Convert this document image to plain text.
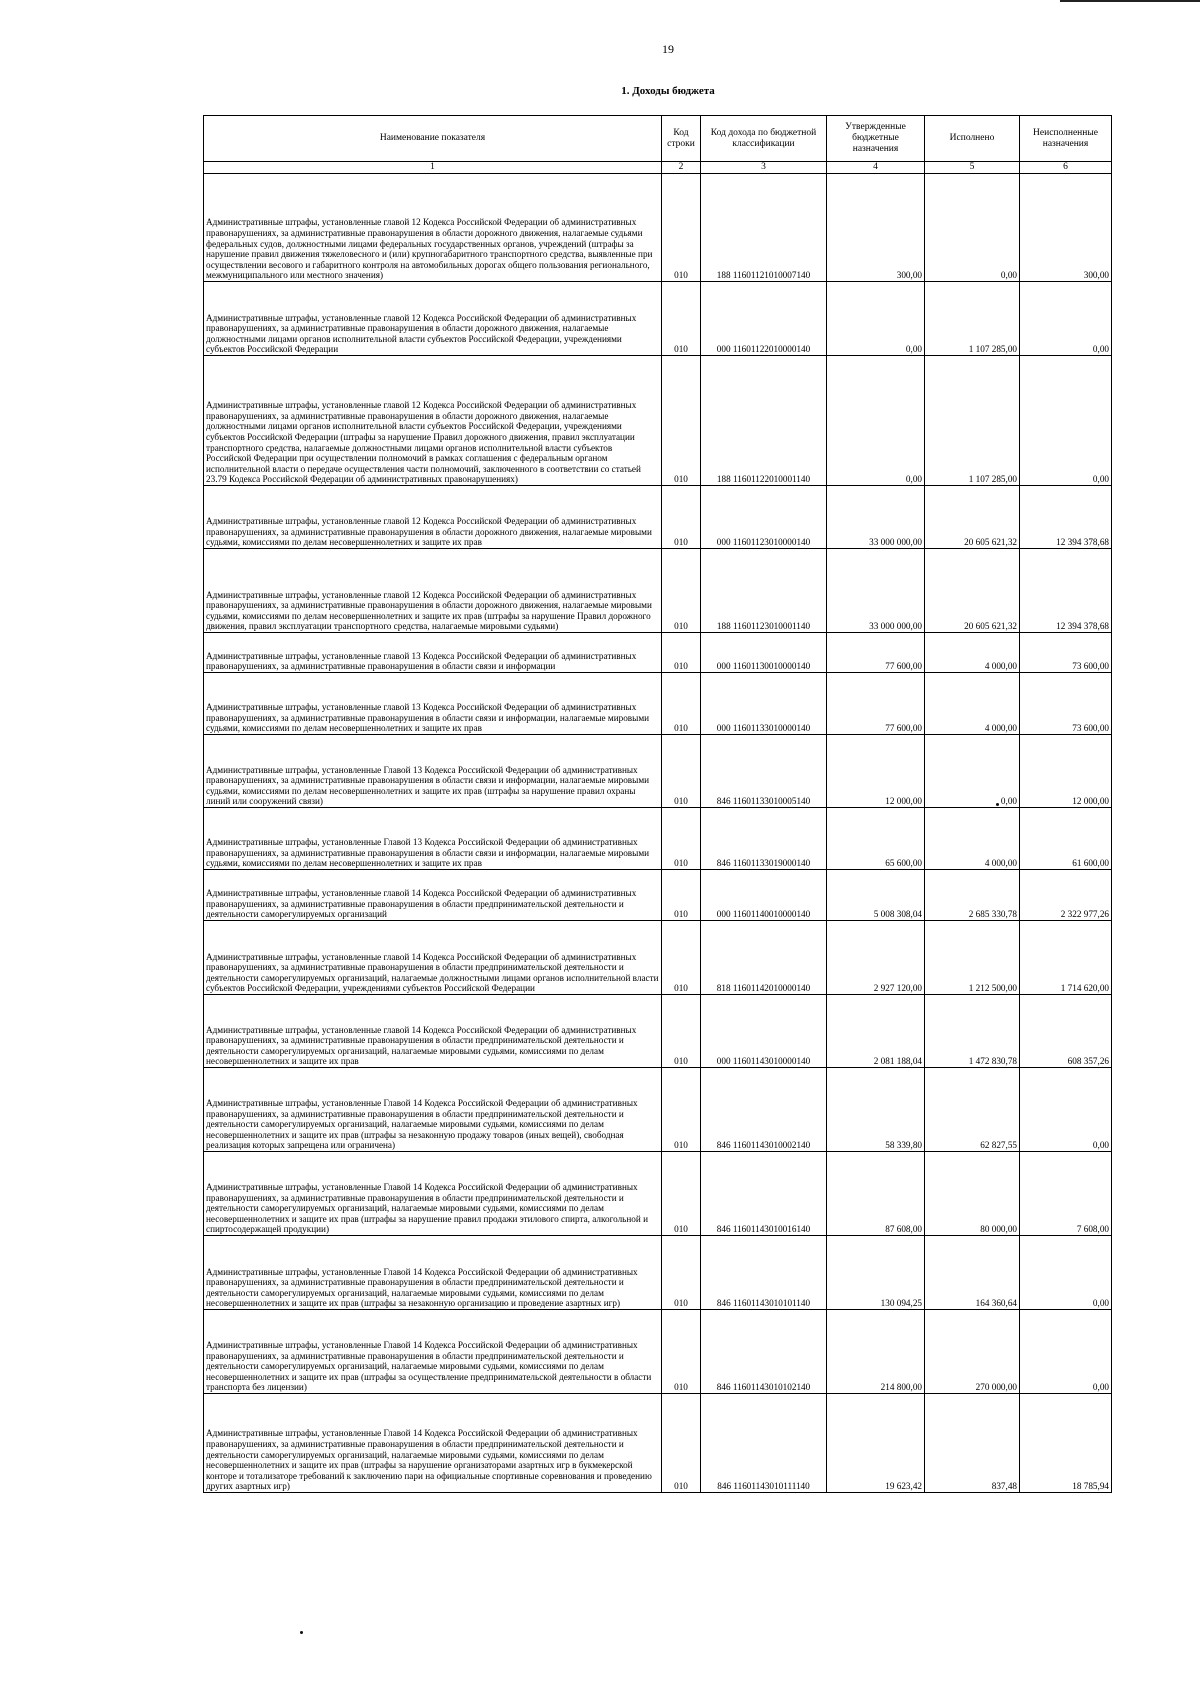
19
1. Доходы бюджета
Наименование показателя	Код строки	Код дохода по бюджетной классификации	Утвержденные бюджетные назначения	Исполнено	Неисполненные назначения
1	2	3	4	5	6
Административные штрафы, установленные главой 12 Кодекса Российской Федерации об административных правонарушениях, за административные правонарушения в области дорожного движения, налагаемые судьями федеральных судов, должностными лицами федеральных государственных органов, учреждений (штрафы за нарушение правил движения тяжеловесного и (или) крупногабаритного транспортного средства, выявленные при осуществлении весового и габаритного контроля на автомобильных дорогах общего пользования регионального, межмуниципального или местного значения)	010	188 11601121010007140	300,00	0,00	300,00
Административные штрафы, установленные главой 12 Кодекса Российской Федерации об административных правонарушениях, за административные правонарушения в области дорожного движения, налагаемые должностными лицами органов исполнительной власти субъектов Российской Федерации, учреждениями субъектов Российской Федерации	010	000 11601122010000140	0,00	1 107 285,00	0,00
Административные штрафы, установленные главой 12 Кодекса Российской Федерации об административных правонарушениях, за административные правонарушения в области дорожного движения, налагаемые должностными лицами органов исполнительной власти субъектов Российской Федерации, учреждениями субъектов Российской Федерации (штрафы за нарушение Правил дорожного движения, правил эксплуатации транспортного средства, налагаемые должностными лицами органов исполнительной власти субъектов Российской Федерации при осуществлении полномочий в рамках соглашения с федеральным органом исполнительной власти о передаче осуществления части полномочий, заключенного в соответствии со статьей 23.79 Кодекса Российской Федерации об административных правонарушениях)	010	188 11601122010001140	0,00	1 107 285,00	0,00
Административные штрафы, установленные главой 12 Кодекса Российской Федерации об административных правонарушениях, за административные правонарушения в области дорожного движения, налагаемые мировыми судьями, комиссиями по делам несовершеннолетних и защите их прав	010	000 11601123010000140	33 000 000,00	20 605 621,32	12 394 378,68
Административные штрафы, установленные главой 12 Кодекса Российской Федерации об административных правонарушениях, за административные правонарушения в области дорожного движения, налагаемые мировыми судьями, комиссиями по делам несовершеннолетних и защите их прав (штрафы за нарушение Правил дорожного движения, правил эксплуатации транспортного средства, налагаемые мировыми судьями)	010	188 11601123010001140	33 000 000,00	20 605 621,32	12 394 378,68
Административные штрафы, установленные главой 13 Кодекса Российской Федерации об административных правонарушениях, за административные правонарушения в области связи и информации	010	000 11601130010000140	77 600,00	4 000,00	73 600,00
Административные штрафы, установленные главой 13 Кодекса Российской Федерации об административных правонарушениях, за административные правонарушения в области связи и информации, налагаемые мировыми судьями, комиссиями по делам несовершеннолетних и защите их прав	010	000 11601133010000140	77 600,00	4 000,00	73 600,00
Административные штрафы, установленные Главой 13 Кодекса Российской Федерации об административных правонарушениях, за административные правонарушения в области связи и информации, налагаемые мировыми судьями, комиссиями по делам несовершеннолетних и защите их прав (штрафы за нарушение правил охраны линий или сооружений связи)	010	846 11601133010005140	12 000,00	0,00	12 000,00
Административные штрафы, установленные Главой 13 Кодекса Российской Федерации об административных правонарушениях, за административные правонарушения в области связи и информации, налагаемые мировыми судьями, комиссиями по делам несовершеннолетних и защите их прав	010	846 11601133019000140	65 600,00	4 000,00	61 600,00
Административные штрафы, установленные главой 14 Кодекса Российской Федерации об административных правонарушениях, за административные правонарушения в области предпринимательской деятельности и деятельности саморегулируемых организаций	010	000 11601140010000140	5 008 308,04	2 685 330,78	2 322 977,26
Административные штрафы, установленные главой 14 Кодекса Российской Федерации об административных правонарушениях, за административные правонарушения в области предпринимательской деятельности и деятельности саморегулируемых организаций, налагаемые должностными лицами органов исполнительной власти субъектов Российской Федерации, учреждениями субъектов Российской Федерации	010	818 11601142010000140	2 927 120,00	1 212 500,00	1 714 620,00
Административные штрафы, установленные главой 14 Кодекса Российской Федерации об административных правонарушениях, за административные правонарушения в области предпринимательской деятельности и деятельности саморегулируемых организаций, налагаемые мировыми судьями, комиссиями по делам несовершеннолетних и защите их прав	010	000 11601143010000140	2 081 188,04	1 472 830,78	608 357,26
Административные штрафы, установленные Главой 14 Кодекса Российской Федерации об административных правонарушениях, за административные правонарушения в области предпринимательской деятельности и деятельности саморегулируемых организаций, налагаемые мировыми судьями, комиссиями по делам несовершеннолетних и защите их прав (штрафы за незаконную продажу товаров (иных вещей), свободная реализация которых запрещена или ограничена)	010	846 11601143010002140	58 339,80	62 827,55	0,00
Административные штрафы, установленные Главой 14 Кодекса Российской Федерации об административных правонарушениях, за административные правонарушения в области предпринимательской деятельности и деятельности саморегулируемых организаций, налагаемые мировыми судьями, комиссиями по делам несовершеннолетних и защите их прав (штрафы за нарушение правил продажи этилового спирта, алкогольной и спиртосодержащей продукции)	010	846 11601143010016140	87 608,00	80 000,00	7 608,00
Административные штрафы, установленные Главой 14 Кодекса Российской Федерации об административных правонарушениях, за административные правонарушения в области предпринимательской деятельности и деятельности саморегулируемых организаций, налагаемые мировыми судьями, комиссиями по делам несовершеннолетних и защите их прав (штрафы за незаконную организацию и проведение азартных игр)	010	846 11601143010101140	130 094,25	164 360,64	0,00
Административные штрафы, установленные Главой 14 Кодекса Российской Федерации об административных правонарушениях, за административные правонарушения в области предпринимательской деятельности и деятельности саморегулируемых организаций, налагаемые мировыми судьями, комиссиями по делам несовершеннолетних и защите их прав (штрафы за осуществление предпринимательской деятельности в области транспорта без лицензии)	010	846 11601143010102140	214 800,00	270 000,00	0,00
Административные штрафы, установленные Главой 14 Кодекса Российской Федерации об административных правонарушениях, за административные правонарушения в области предпринимательской деятельности и деятельности саморегулируемых организаций, налагаемые мировыми судьями, комиссиями по делам несовершеннолетних и защите их прав (штрафы за нарушение организаторами азартных игр в букмекерской конторе и тотализаторе требований к заключению пари на официальные спортивные соревнования и проведению других азартных игр)	010	846 11601143010111140	19 623,42	837,48	18 785,94
